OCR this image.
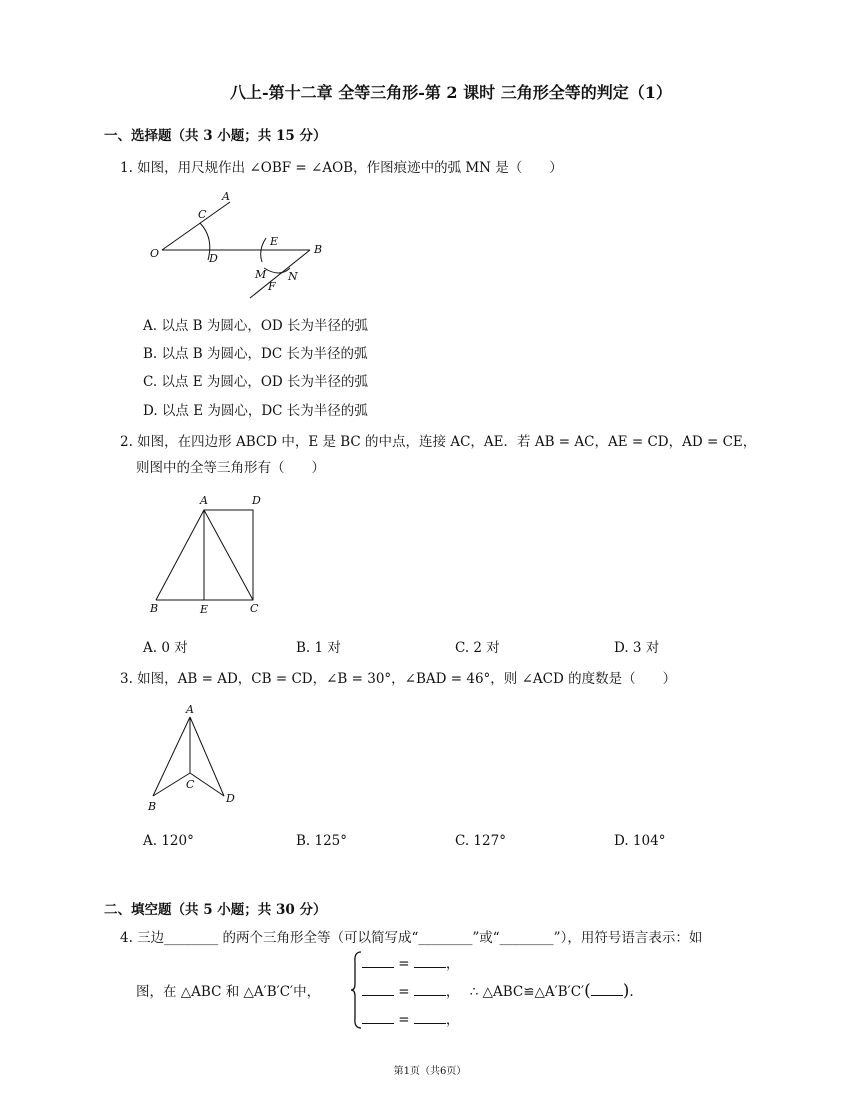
八上-第十二章 全等三角形-第 2 课时 三角形全等的判定（1）
一、选择题（共 3 小题；共 15 分）
1. 如图，用尺规作出 ∠OBF = ∠AOB，作图痕迹中的弧 MN 是（　　）
A
C
O	D
E
B
M N
F
A. 以点 B 为圆心，OD 长为半径的弧
B. 以点 B 为圆心，DC 长为半径的弧
C. 以点 E 为圆心，OD 长为半径的弧
D. 以点 E 为圆心，DC 长为半径的弧
2. 如图，在四边形 ABCD 中，E 是 BC 的中点，连接 AC，AE．若 AB = AC，AE = CD，AD = CE，
则图中的全等三角形有（　　）
A	D
B	E	C
A. 0 对	B. 1 对	C. 2 对	D. 3 对
3. 如图，AB = AD，CB = CD，∠B = 30°，∠BAD = 46°，则 ∠ACD 的度数是（　　）
A
C
B
D
A. 120°	B. 125°	C. 127°	D. 104°
二、填空题（共 5 小题；共 30 分）
4. 三边________ 的两个三角形全等（可以简写成“________”或“________”），用符号语言表示：如
图，在 △ABC 和 △A′B′C′中，
=	，
=	， ∴ △ABC≌△A′B′C′( ).
=	，
第1页（共6页）
